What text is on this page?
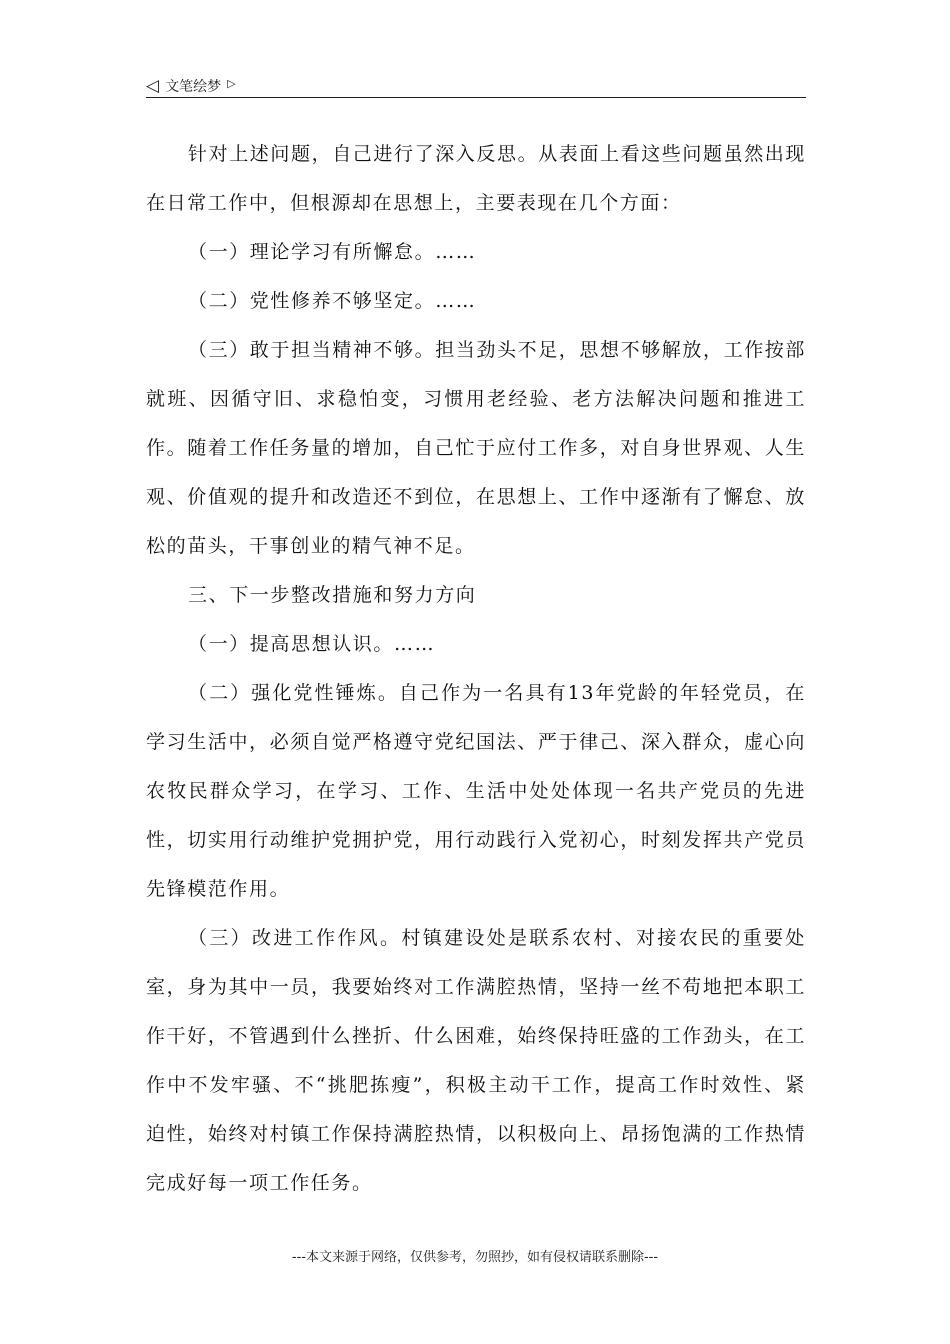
◁ 文笔绘梦 ▷

针对上述问题，自己进行了深入反思。从表面上看这些问题虽然出现在日常工作中，但根源却在思想上，主要表现在几个方面：

（一）理论学习有所懈怠。……

（二）党性修养不够坚定。……

（三）敢于担当精神不够。担当劲头不足，思想不够解放，工作按部就班、因循守旧、求稳怕变，习惯用老经验、老方法解决问题和推进工作。随着工作任务量的增加，自己忙于应付工作多，对自身世界观、人生观、价值观的提升和改造还不到位，在思想上、工作中逐渐有了懈怠、放松的苗头，干事创业的精气神不足。

三、下一步整改措施和努力方向

（一）提高思想认识。……

（二）强化党性锤炼。自己作为一名具有13年党龄的年轻党员，在学习生活中，必须自觉严格遵守党纪国法、严于律己、深入群众，虚心向农牧民群众学习，在学习、工作、生活中处处体现一名共产党员的先进性，切实用行动维护党拥护党，用行动践行入党初心，时刻发挥共产党员先锋模范作用。

（三）改进工作作风。村镇建设处是联系农村、对接农民的重要处室，身为其中一员，我要始终对工作满腔热情，坚持一丝不苟地把本职工作干好，不管遇到什么挫折、什么困难，始终保持旺盛的工作劲头，在工作中不发牢骚、不“挑肥拣瘦”，积极主动干工作，提高工作时效性、紧迫性，始终对村镇工作保持满腔热情，以积极向上、昂扬饱满的工作热情完成好每一项工作任务。

---本文来源于网络，仅供参考，勿照抄，如有侵权请联系删除---
